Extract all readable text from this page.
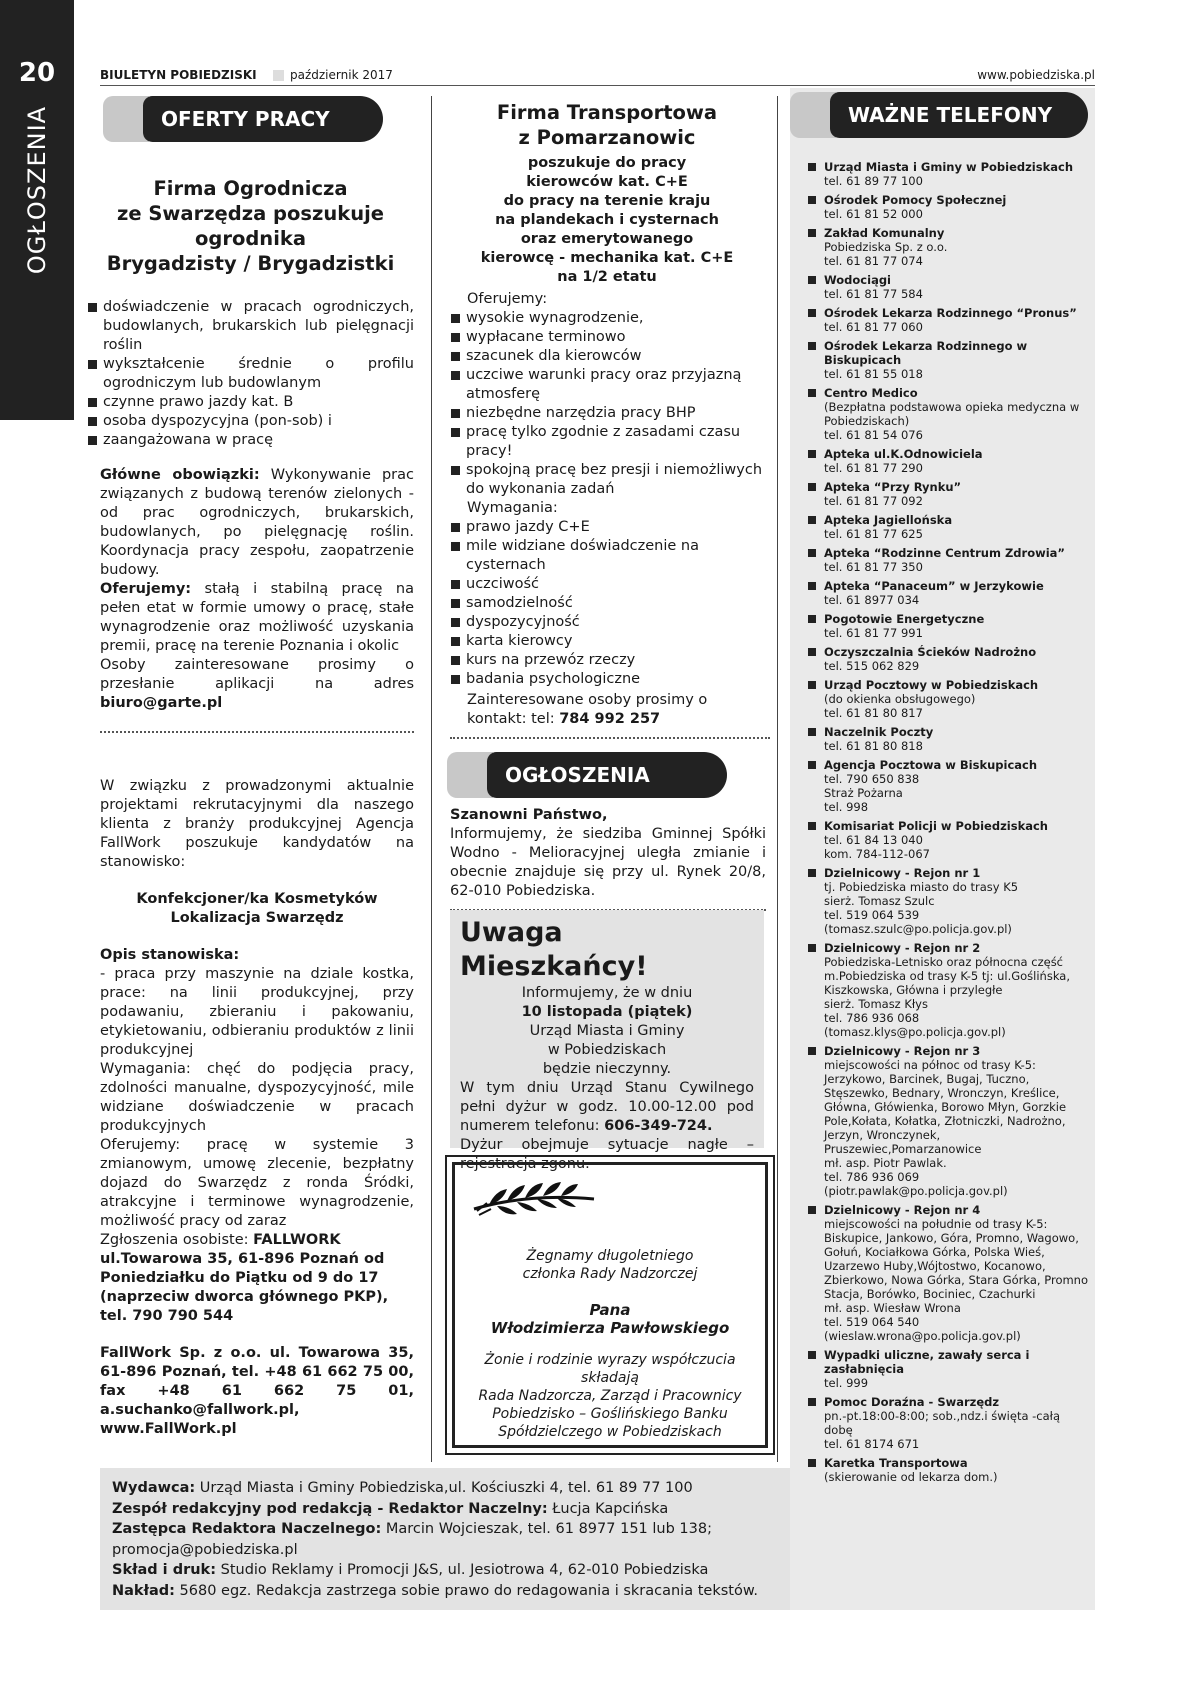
20
OGŁOSZENIA
BIULETYN POBIEDZISKI	październik 2017	www.pobiedziska.pl
OFERTY PRACY
Firma Ogrodnicza
ze Swarzędza poszukuje
ogrodnika
Brygadzisty / Brygadzistki
doświadczenie w pracach ogrodniczych, budowlanych, brukarskich lub pielęgnacji roślin
wykształcenie średnie o profilu ogrodniczym lub budowlanym
czynne prawo jazdy kat. B
osoba dyspozycyjna (pon-sob) i
zaangażowana w pracę
Główne obowiązki: Wykonywanie prac związanych z budową terenów zielonych - od prac ogrodniczych, brukarskich, budowlanych, po pielęgnację roślin. Koordynacja pracy zespołu, zaopatrzenie budowy.
Oferujemy: stałą i stabilną pracę na pełen etat w formie umowy o pracę, stałe wynagrodzenie oraz możliwość uzyskania premii, pracę na terenie Poznania i okolic
Osoby zainteresowane prosimy o przesłanie aplikacji na adres biuro@garte.pl
W związku z prowadzonymi aktualnie projektami rekrutacyjnymi dla naszego klienta z branży produkcyjnej Agencja FallWork poszukuje kandydatów na stanowisko:
Konfekcjoner/ka Kosmetyków
Lokalizacja Swarzędz
Opis stanowiska:
- praca przy maszynie na dziale kostka, prace: na linii produkcyjnej, przy podawaniu, zbieraniu i pakowaniu, etykietowaniu, odbieraniu produktów z linii produkcyjnej
Wymagania: chęć do podjęcia pracy, zdolności manualne, dyspozycyjność, mile widziane doświadczenie w pracach produkcyjnych
Oferujemy: pracę w systemie 3 zmianowym, umowę zlecenie, bezpłatny dojazd do Swarzędz z ronda Śródki, atrakcyjne i terminowe wynagrodzenie, możliwość pracy od zaraz
Zgłoszenia osobiste: FALLWORK ul.Towarowa 35, 61-896 Poznań od Poniedziałku do Piątku od 9 do 17 (naprzeciw dworca głównego PKP), tel. 790 790 544
FallWork Sp. z o.o. ul. Towarowa 35, 61-896 Poznań, tel. +48 61 662 75 00, fax +48 61 662 75 01, a.suchanko@fallwork.pl, www.FallWork.pl
Firma Transportowa
z Pomarzanowic
poszukuje do pracy
kierowców kat. C+E
do pracy na terenie kraju
na plandekach i cysternach
oraz emerytowanego
kierowcę - mechanika kat. C+E
na 1/2 etatu
Oferujemy:
wysokie wynagrodzenie,
wypłacane terminowo
szacunek dla kierowców
uczciwe warunki pracy oraz przyjazną atmosferę
niezbędne narzędzia pracy BHP
pracę tylko zgodnie z zasadami czasu pracy!
spokojną pracę bez presji i niemożliwych do wykonania zadań
Wymagania:
prawo jazdy C+E
mile widziane doświadczenie na cysternach
uczciwość
samodzielność
dyspozycyjność
karta kierowcy
kurs na przewóz rzeczy
badania psychologiczne
Zainteresowane osoby prosimy o kontakt: tel: 784 992 257
OGŁOSZENIA
Szanowni Państwo,
Informujemy, że siedziba Gminnej Spółki Wodno - Melioracyjnej uległa zmianie i obecnie znajduje się przy ul. Rynek 20/8, 62-010 Pobiedziska.
Uwaga Mieszkańcy!
Informujemy, że w dniu
10 listopada (piątek)
Urząd Miasta i Gminy
w Pobiedziskach
będzie nieczynny.
W tym dniu Urząd Stanu Cywilnego pełni dyżur w godz. 10.00-12.00 pod numerem telefonu: 606-349-724.
Dyżur obejmuje sytuacje nagłe – rejestracja zgonu.
Żegnamy długoletniego
członka Rady Nadzorczej
Pana
Włodzimierza Pawłowskiego
Żonie i rodzinie wyrazy współczucia
składają
Rada Nadzorcza, Zarząd i Pracownicy Pobiedzisko – Goślińskiego Banku Spółdzielczego w Pobiedziskach
WAŻNE TELEFONY
Urząd Miasta i Gminy w Pobiedziskach
tel. 61 89 77 100
Ośrodek Pomocy Społecznej
tel. 61 81 52 000
Zakład Komunalny
Pobiedziska Sp. z o.o.
tel. 61 81 77 074
Wodociągi
tel. 61 81 77 584
Ośrodek Lekarza Rodzinnego “Pronus”
tel. 61 81 77 060
Ośrodek Lekarza Rodzinnego w Biskupicach
tel. 61 81 55 018
Centro Medico
(Bezpłatna podstawowa opieka medyczna w Pobiedziskach)
tel. 61 81 54 076
Apteka ul.K.Odnowiciela
tel. 61 81 77 290
Apteka “Przy Rynku”
tel. 61 81 77 092
Apteka Jagiellońska
tel. 61 81 77 625
Apteka “Rodzinne Centrum Zdrowia”
tel. 61 81 77 350
Apteka “Panaceum” w Jerzykowie
tel. 61 8977 034
Pogotowie Energetyczne
tel. 61 81 77 991
Oczyszczalnia Ścieków Nadrożno
tel. 515 062 829
Urząd Pocztowy w Pobiedziskach
(do okienka obsługowego)
tel. 61 81 80 817
Naczelnik Poczty
tel. 61 81 80 818
Agencja Pocztowa w Biskupicach
tel. 790 650 838
Straż Pożarna
tel. 998
Komisariat Policji w Pobiedziskach
tel. 61 84 13 040
kom. 784-112-067
Dzielnicowy - Rejon nr 1
tj. Pobiedziska miasto do trasy K5
sierż. Tomasz Szulc
tel. 519 064 539
(tomasz.szulc@po.policja.gov.pl)
Dzielnicowy - Rejon nr 2
Pobiedziska-Letnisko oraz północna część m.Pobiedziska od trasy K-5 tj: ul.Goślińska, Kiszkowska, Główna i przyległe
sierż. Tomasz Kłys
tel. 786 936 068
(tomasz.klys@po.policja.gov.pl)
Dzielnicowy - Rejon nr 3
miejscowości na północ od trasy K-5: Jerzykowo, Barcinek, Bugaj, Tuczno, Stęszewko, Bednary, Wronczyn, Kreślice, Główna, Główienka, Borowo Młyn, Gorzkie Pole,Kołata, Kołatka, Złotniczki, Nadrożno, Jerzyn, Wronczynek, Pruszewiec,Pomarzanowice
mł. asp. Piotr Pawlak.
tel. 786 936 069
(piotr.pawlak@po.policja.gov.pl)
Dzielnicowy - Rejon nr 4
miejscowości na południe od trasy K-5: Biskupice, Jankowo, Góra, Promno, Wagowo, Gołuń, Kociałkowa Górka, Polska Wieś, Uzarzewo Huby,Wójtostwo, Kocanowo, Zbierkowo, Nowa Górka, Stara Górka, Promno Stacja, Borówko, Bociniec, Czachurki
mł. asp. Wiesław Wrona
tel. 519 064 540
(wieslaw.wrona@po.policja.gov.pl)
Wypadki uliczne, zawały serca i zasłabnięcia
tel. 999
Pomoc Doraźna - Swarzędz
pn.-pt.18:00-8:00; sob.,ndz.i święta -całą dobę
tel. 61 8174 671
Karetka Transportowa
(skierowanie od lekarza dom.)
Wydawca: Urząd Miasta i Gminy Pobiedziska,ul. Kościuszki 4, tel. 61 89 77 100
Zespół redakcyjny pod redakcją - Redaktor Naczelny: Łucja Kapcińska
Zastępca Redaktora Naczelnego: Marcin Wojcieszak, tel. 61 8977 151 lub 138;
promocja@pobiedziska.pl
Skład i druk: Studio Reklamy i Promocji J&S, ul. Jesiotrowa 4, 62-010 Pobiedziska
Nakład: 5680 egz. Redakcja zastrzega sobie prawo do redagowania i skracania tekstów.
